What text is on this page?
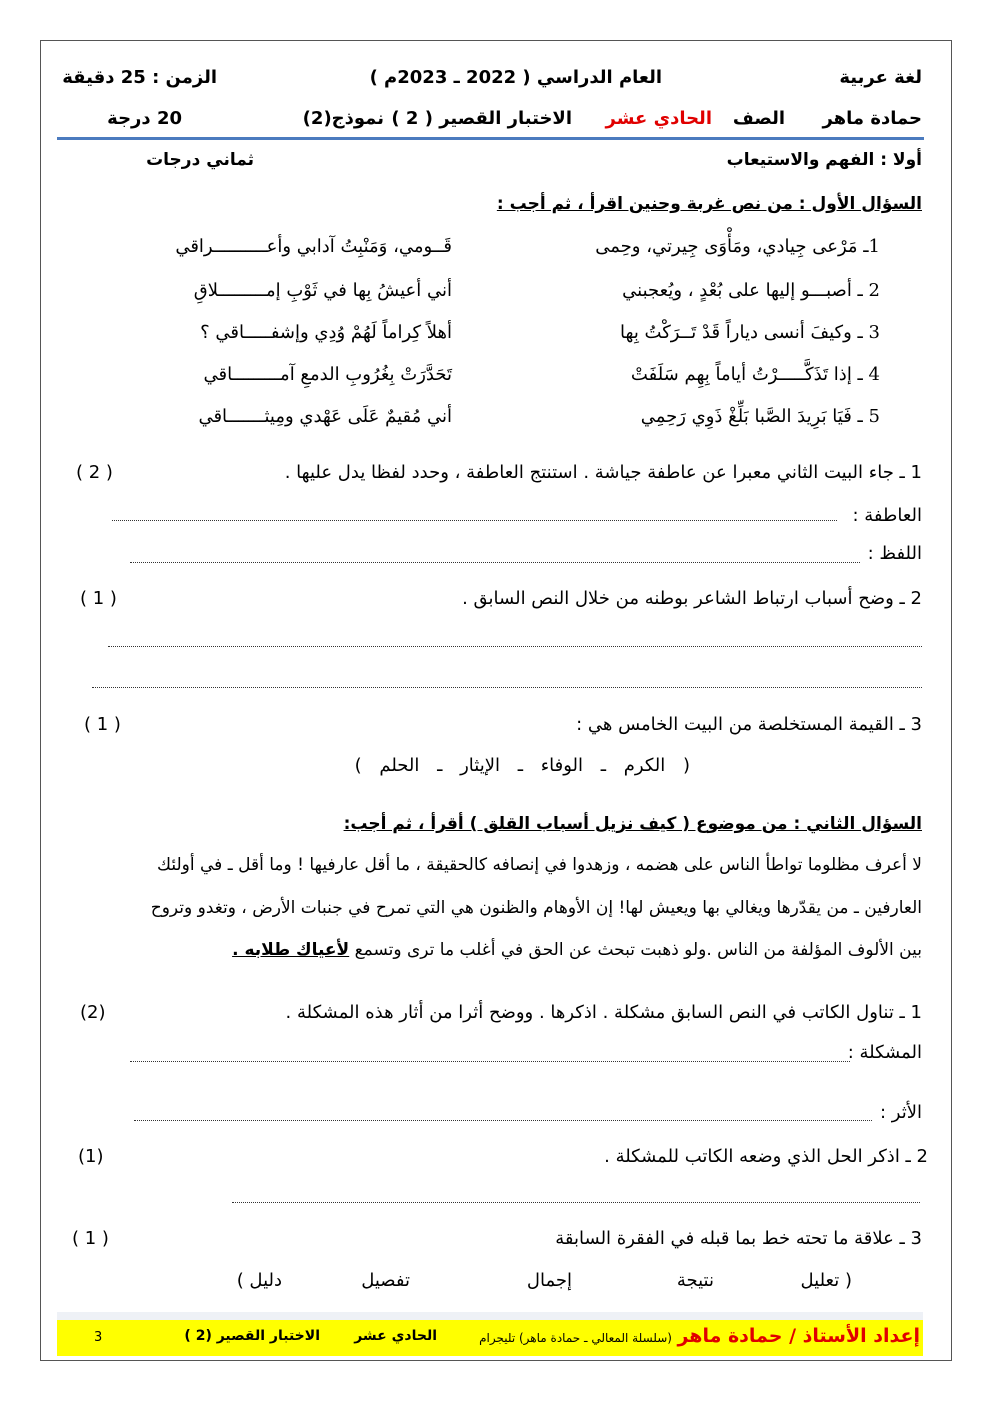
لغة عربية
العام الدراسي ( 2022 ـ 2023م )
الزمن : 25 دقيقة
حمادة ماهر
الصف
الحادي عشر
الاختبار القصير ( 2 )
نموذج(2)
20 درجة
أولا : الفهم والاستيعاب
ثماني درجات
السؤال الأول : من نص غربة وحنين اقرأ ، ثم أجب :
1ـ مَرْعى جِيادي، ومَأْوَى جِيرتي، وحِمى
قَــومي، وَمَنْبِتُ آدابي وأعــــــــــراقي
2 ـ أصبـــو إليها على بُعْدٍ ، ويُعجبني
أني أعيشُ بِها في ثَوْبِ إمـــــــــلاقِ
3 ـ وكيفَ أنسى دياراً قَدْ تَــرَكْتُ بِها
أهلاً كِراماً لَهُمْ وُدِي وإشفـــــاقي ؟
4 ـ إذا تَذَكَّـــــرْتُ أياماً بِهِم سَلَفَتْ
تَحَدَّرَتْ بِغُرُوبِ الدمعِ آمـــــــــاقي
5 ـ فَيَا بَرِيدَ الصَّبا بَلِّغْ ذَوِي رَحِمِي
أني مُقيمٌ عَلَى عَهْدي ومِيثـــــــاقي
1 ـ جاء البيت الثاني معبرا عن عاطفة جياشة . استنتج العاطفة ، وحدد لفظا يدل عليها .
( 2 )
العاطفة :
اللفظ :
2 ـ وضح أسباب ارتباط الشاعر بوطنه من خلال النص السابق .
( 1 )
3 ـ القيمة المستخلصة من البيت الخامس هي :
( 1 )
( الكرم ـ الوفاء ـ الإيثار ـ الحلم )
السؤال الثاني : من موضوع ( كيف نزيل أسباب القلق ) أقرأ ، ثم أجب:
لا أعرف مظلوما تواطأ الناس على هضمه ، وزهدوا في إنصافه كالحقيقة ، ما أقل عارفيها ! وما أقل ـ في أولئك
العارفين ـ من يقدّرها ويغالي بها ويعيش لها! إن الأوهام والظنون هي التي تمرح في جنبات الأرض ، وتغدو وتروح
بين الألوف المؤلفة من الناس .ولو ذهبت تبحث عن الحق في أغلب ما ترى وتسمع لأعياك طلابه .
1 ـ تناول الكاتب في النص السابق مشكلة . اذكرها . ووضح أثرا من أثار هذه المشكلة .
(2)
المشكلة :
الأثر :
2 ـ اذكر الحل الذي وضعه الكاتب للمشكلة .
(1)
3 ـ علاقة ما تحته خط بما قبله في الفقرة السابقة
( 1 )
( تعليل
نتيجة
إجمال
تفصيل
دليل )
إعداد الأستاذ / حمادة ماهر
(سلسلة المعالي ـ حمادة ماهر) تليجرام
الحادي عشر
الاختبار القصير (2 )
3
